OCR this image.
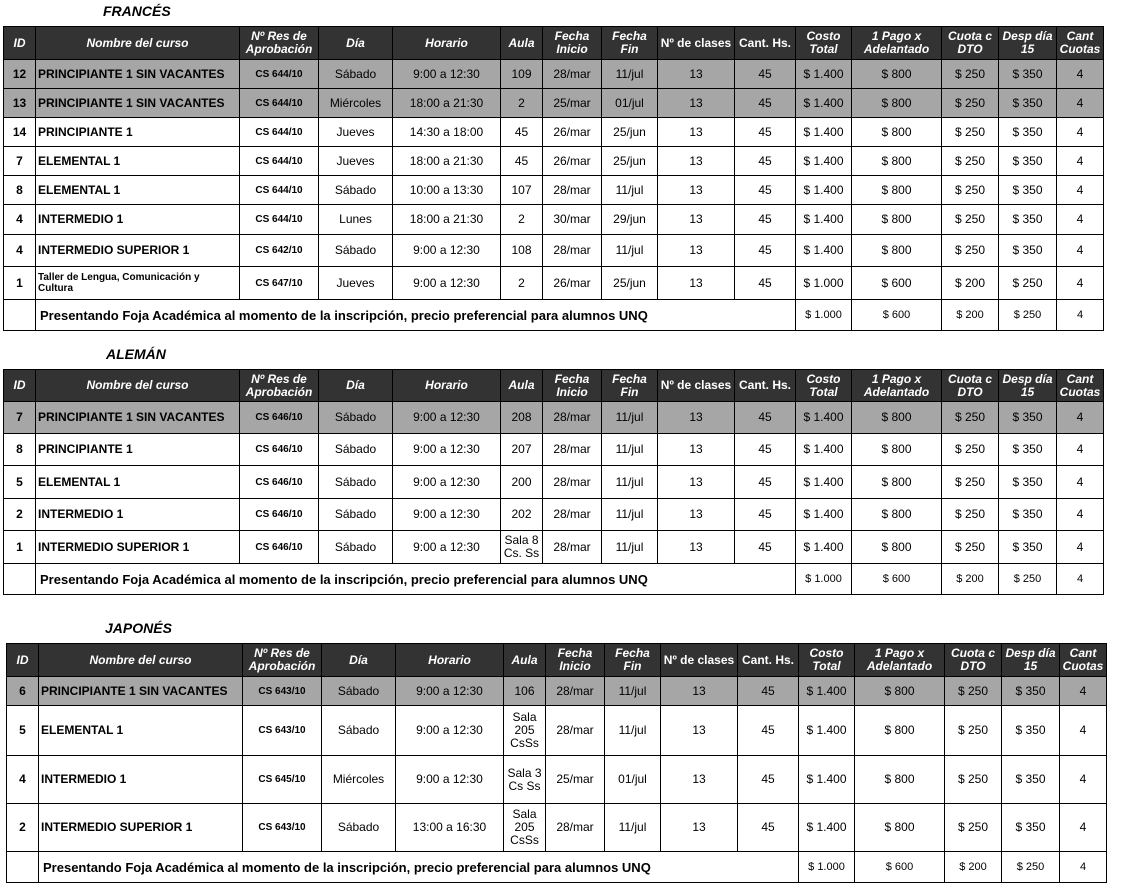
FRANCÉS
ID	Nombre del curso	Nº Res de Aprobación	Día	Horario	Aula	Fecha Inicio	Fecha Fin	Nº de clases	Cant. Hs.	Costo Total	1 Pago x Adelantado	Cuota c DTO	Desp día 15	Cant Cuotas
12	PRINCIPIANTE 1 SIN VACANTES	CS 644/10	Sábado	9:00 a 12:30	109	28/mar	11/jul	13	45	$ 1.400	$ 800	$ 250	$ 350	4
13	PRINCIPIANTE 1 SIN VACANTES	CS 644/10	Miércoles	18:00 a 21:30	2	25/mar	01/jul	13	45	$ 1.400	$ 800	$ 250	$ 350	4
14	PRINCIPIANTE 1	CS 644/10	Jueves	14:30 a 18:00	45	26/mar	25/jun	13	45	$ 1.400	$ 800	$ 250	$ 350	4
7	ELEMENTAL 1	CS 644/10	Jueves	18:00 a 21:30	45	26/mar	25/jun	13	45	$ 1.400	$ 800	$ 250	$ 350	4
8	ELEMENTAL 1	CS 644/10	Sábado	10:00 a 13:30	107	28/mar	11/jul	13	45	$ 1.400	$ 800	$ 250	$ 350	4
4	INTERMEDIO 1	CS 644/10	Lunes	18:00 a 21:30	2	30/mar	29/jun	13	45	$ 1.400	$ 800	$ 250	$ 350	4
4	INTERMEDIO SUPERIOR 1	CS 642/10	Sábado	9:00 a 12:30	108	28/mar	11/jul	13	45	$ 1.400	$ 800	$ 250	$ 350	4
1	Taller de Lengua, Comunicación y Cultura	CS 647/10	Jueves	9:00 a 12:30	2	26/mar	25/jun	13	45	$ 1.000	$ 600	$ 200	$ 250	4
	Presentando Foja Académica al momento de la inscripción, precio preferencial para alumnos UNQ									$ 1.000	$ 600	$ 200	$ 250	4
ALEMÁN
ID	Nombre del curso	Nº Res de Aprobación	Día	Horario	Aula	Fecha Inicio	Fecha Fin	Nº de clases	Cant. Hs.	Costo Total	1 Pago x Adelantado	Cuota c DTO	Desp día 15	Cant Cuotas
7	PRINCIPIANTE 1 SIN VACANTES	CS 646/10	Sábado	9:00 a 12:30	208	28/mar	11/jul	13	45	$ 1.400	$ 800	$ 250	$ 350	4
8	PRINCIPIANTE 1	CS 646/10	Sábado	9:00 a 12:30	207	28/mar	11/jul	13	45	$ 1.400	$ 800	$ 250	$ 350	4
5	ELEMENTAL 1	CS 646/10	Sábado	9:00 a 12:30	200	28/mar	11/jul	13	45	$ 1.400	$ 800	$ 250	$ 350	4
2	INTERMEDIO 1	CS 646/10	Sábado	9:00 a 12:30	202	28/mar	11/jul	13	45	$ 1.400	$ 800	$ 250	$ 350	4
1	INTERMEDIO SUPERIOR 1	CS 646/10	Sábado	9:00 a 12:30	Sala 8 Cs. Ss	28/mar	11/jul	13	45	$ 1.400	$ 800	$ 250	$ 350	4
	Presentando Foja Académica al momento de la inscripción, precio preferencial para alumnos UNQ									$ 1.000	$ 600	$ 200	$ 250	4
JAPONÉS
ID	Nombre del curso	Nº Res de Aprobación	Día	Horario	Aula	Fecha Inicio	Fecha Fin	Nº de clases	Cant. Hs.	Costo Total	1 Pago x Adelantado	Cuota c DTO	Desp día 15	Cant Cuotas
6	PRINCIPIANTE 1 SIN VACANTES	CS 643/10	Sábado	9:00 a 12:30	106	28/mar	11/jul	13	45	$ 1.400	$ 800	$ 250	$ 350	4
5	ELEMENTAL 1	CS 643/10	Sábado	9:00 a 12:30	Sala 205 CsSs	28/mar	11/jul	13	45	$ 1.400	$ 800	$ 250	$ 350	4
4	INTERMEDIO 1	CS 645/10	Miércoles	9:00 a 12:30	Sala 3 Cs Ss	25/mar	01/jul	13	45	$ 1.400	$ 800	$ 250	$ 350	4
2	INTERMEDIO SUPERIOR 1	CS 643/10	Sábado	13:00 a 16:30	Sala 205 CsSs	28/mar	11/jul	13	45	$ 1.400	$ 800	$ 250	$ 350	4
	Presentando Foja Académica al momento de la inscripción, precio preferencial para alumnos UNQ									$ 1.000	$ 600	$ 200	$ 250	4
